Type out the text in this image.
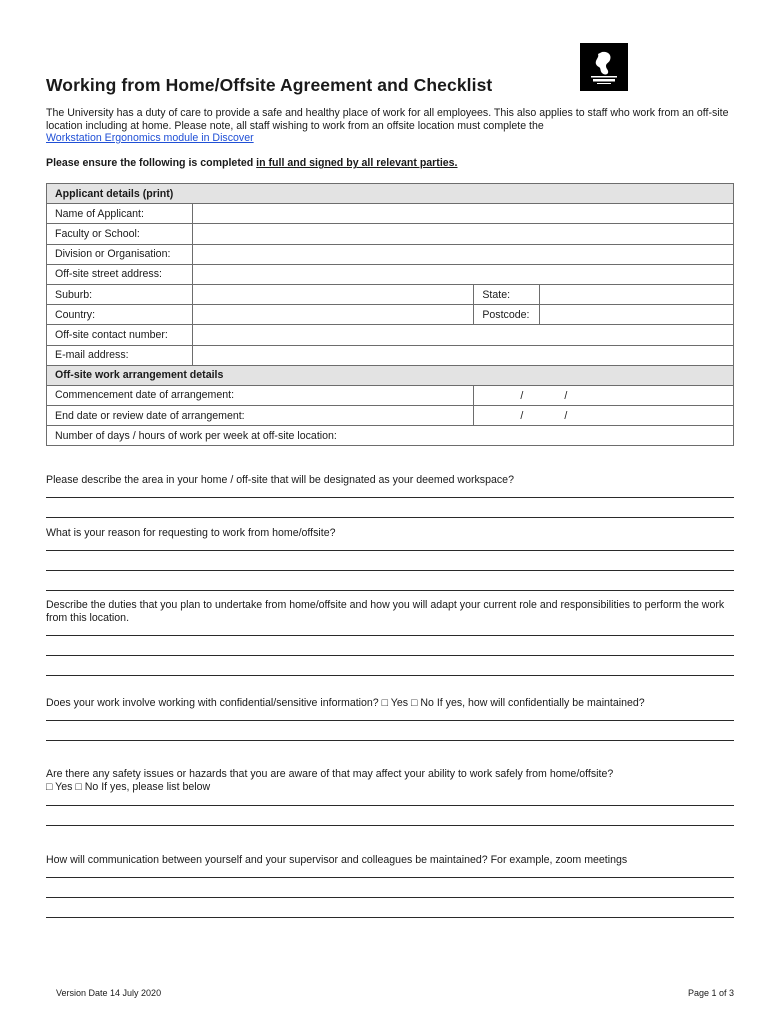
Working from Home/Offsite Agreement and Checklist
The University has a duty of care to provide a safe and healthy place of work for all employees. This also applies to staff who work from an off-site location including at home. Please note, all staff wishing to work from an offsite location must complete the
Workstation Ergonomics module in Discover
Please ensure the following is completed in full and signed by all relevant parties.
Applicant details (print)			
Name of Applicant:			
Faculty or School:			
Division or Organisation:			
Off-site street address:			
Suburb:		State:	
Country:		Postcode:	
Off-site contact number:			
E-mail address:			
Off-site work arrangement details			
Commencement date of arrangement:		/ /	

End date or review date of arrangement:		/ /	

Number of days / hours of work per week at off-site location:			
Please describe the area in your home / off-site that will be designated as your deemed workspace?
What is your reason for requesting to work from home/offsite?
Describe the duties that you plan to undertake from home/offsite and how you will adapt your current role and responsibilities to perform the work from this location.
Does your work involve working with confidential/sensitive information? □ Yes □ No If yes, how will confidentially be maintained?
Are there any safety issues or hazards that you are aware of that may affect your ability to work safely from home/offsite?
□ Yes □ No If yes, please list below
How will communication between yourself and your supervisor and colleagues be maintained? For example, zoom meetings
Version Date 14 July 2020	Page 1 of 3
